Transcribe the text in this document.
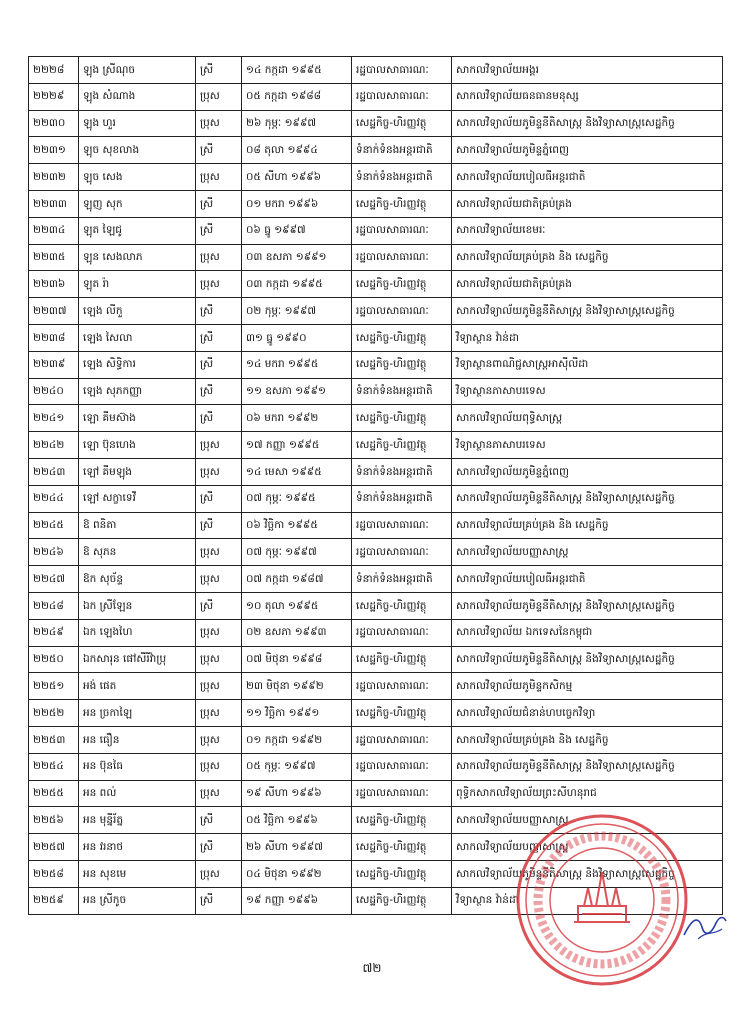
២២២៨	ឡុង ស្រីណុច	ស្រី	១៤ កក្កដា ១៩៩៥	រដ្ឋបាលសាធារណៈ	សាកលវិទ្យាល័យអង្គរ
២២២៩	ឡុង សំណាង	ប្រុស	០៥ កក្កដា ១៩៨៨	រដ្ឋបាលសាធារណៈ	សាកលវិទ្យាល័យធនធានមនុស្ស
២២៣០	ឡុង ហួរ	ប្រុស	២៦ កុម្ភៈ ១៩៩៧	សេដ្ឋកិច្ច-ហិរញ្ញវត្ថុ	សាកលវិទ្យាល័យភូមិន្ទនីតិសាស្ត្រ និងវិទ្យាសាស្ត្រសេដ្ឋកិច្ច
២២៣១	ឡុច សុខលាង	ស្រី	០៨ តុលា ១៩៩៤	ទំនាក់ទំនងអន្តរជាតិ	សាកលវិទ្យាល័យភូមិន្ទភ្នំពេញ
២២៣២	ឡុច សេង	ប្រុស	០៥ សីហា ១៩៩៦	ទំនាក់ទំនងអន្តរជាតិ	សាកលវិទ្យាល័យបៀលធីអន្តរជាតិ
២២៣៣	ឡុញ សុក	ស្រី	០១ មករា ១៩៩៦	សេដ្ឋកិច្ច-ហិរញ្ញវត្ថុ	សាកលវិទ្យាល័យជាតិគ្រប់គ្រង
២២៣៤	ឡុត ឡៃជូ	ស្រី	០៦ ធ្នូ ១៩៩៧	រដ្ឋបាលសាធារណៈ	សាកលវិទ្យាល័យខេមរៈ
២២៣៥	ឡុន សេងលាភ	ប្រុស	០៣ ឧសភា ១៩៩១	រដ្ឋបាលសាធារណៈ	សាកលវិទ្យាល័យគ្រប់គ្រង និង សេដ្ឋកិច្ច
២២៣៦	ឡុត រ៉ា	ប្រុស	០៣ កក្កដា ១៩៩៥	សេដ្ឋកិច្ច-ហិរញ្ញវត្ថុ	សាកលវិទ្យាល័យជាតិគ្រប់គ្រង
២២៣៧	ឡេង លីកួ	ស្រី	០២ កុម្ភៈ ១៩៩៧	រដ្ឋបាលសាធារណៈ	សាកលវិទ្យាល័យភូមិន្ទនីតិសាស្ត្រ និងវិទ្យាសាស្ត្រសេដ្ឋកិច្ច
២២៣៨	ឡេង សៃលា	ស្រី	៣១ ធ្នូ ១៩៩០	សេដ្ឋកិច្ច-ហិរញ្ញវត្ថុ	វិទ្យាស្ថាន វ៉ាន់ដា
២២៣៩	ឡេង សិទ្ធិការ	ស្រី	១៤ មករា ១៩៩៥	សេដ្ឋកិច្ច-ហិរញ្ញវត្ថុ	វិទ្យាស្ថានពាណិជ្ជសាស្ត្រអាស៊ីលីដា
២២៤០	ឡេង សុភកញ្ញា	ស្រី	១១ ឧសភា ១៩៩១	ទំនាក់ទំនងអន្តរជាតិ	វិទ្យាស្ថានភាសាបរទេស
២២៤១	ឡោ គីមស៊ាង	ស្រី	០៦ មករា ១៩៩២	សេដ្ឋកិច្ច-ហិរញ្ញវត្ថុ	សាកលវិទ្យាល័យពុទ្ធិសាស្ត្រ
២២៤២	ឡោ ប៊ុនហេង	ប្រុស	១៧ កញ្ញា ១៩៩៥	សេដ្ឋកិច្ច-ហិរញ្ញវត្ថុ	វិទ្យាស្ថានភាសាបរទេស
២២៤៣	ឡៅ គីមឡុង	ប្រុស	១៤ មេសា ១៩៩៥	ទំនាក់ទំនងអន្តរជាតិ	សាកលវិទ្យាល័យភូមិន្ទភ្នំពេញ
២២៤៤	ឡៅ សក្ខាទេវី	ស្រី	០៧ កុម្ភៈ ១៩៩៥	ទំនាក់ទំនងអន្តរជាតិ	សាកលវិទ្យាល័យភូមិន្ទនីតិសាស្ត្រ និងវិទ្យាសាស្ត្រសេដ្ឋកិច្ច
២២៤៥	ឱ ពនិតា	ស្រី	០៦ វិច្ឆិកា ១៩៩៥	រដ្ឋបាលសាធារណៈ	សាកលវិទ្យាល័យគ្រប់គ្រង និង សេដ្ឋកិច្ច
២២៤៦	ឱ សុភន	ប្រុស	០៧ កុម្ភៈ ១៩៩៧	រដ្ឋបាលសាធារណៈ	សាកលវិទ្យាល័យបញ្ញាសាស្ត្រ
២២៤៧	ឱក សុច័ន្ទ	ប្រុស	០៧ កក្កដា ១៩៨៧	ទំនាក់ទំនងអន្តរជាតិ	សាកលវិទ្យាល័យបៀលធីអន្តរជាតិ
២២៤៨	ឯក ស្រីឡែន	ស្រី	១០ តុលា ១៩៩៥	សេដ្ឋកិច្ច-ហិរញ្ញវត្ថុ	សាកលវិទ្យាល័យភូមិន្ទនីតិសាស្ត្រ និងវិទ្យាសាស្ត្រសេដ្ឋកិច្ច
២២៤៩	ឯក ឡេងហៃ	ប្រុស	០២ ឧសភា ១៩៩៣	រដ្ឋបាលសាធារណៈ	សាកលវិទ្យាល័យ ឯកទេសនៃកម្ពុជា
២២៥០	ឯកសារុន ផៅសីរីវ៉ាប្រុ	ប្រុស	០៧ មិថុនា ១៩៩៨	សេដ្ឋកិច្ច-ហិរញ្ញវត្ថុ	សាកលវិទ្យាល័យភូមិន្ទនីតិសាស្ត្រ និងវិទ្យាសាស្ត្រសេដ្ឋកិច្ច
២២៥១	អង់ ផេត	ប្រុស	២៣ មិថុនា ១៩៩២	រដ្ឋបាលសាធារណៈ	សាកលវិទ្យាល័យភូមិន្ទកសិកម្ម
២២៥២	អន ច្រកាឡៃ	ប្រុស	១១ វិច្ឆិកា ១៩៩១	សេដ្ឋកិច្ច-ហិរញ្ញវត្ថុ	សាកលវិទ្យាល័យជំនាន់ហបច្ចេកវិទ្យា
២២៥៣	អន ធឿន	ប្រុស	០១ កក្កដា ១៩៩២	រដ្ឋបាលសាធារណៈ	សាកលវិទ្យាល័យគ្រប់គ្រង និង សេដ្ឋកិច្ច
២២៥៤	អន ប៊ុនធៃ	ប្រុស	០៥ កុម្ភៈ ១៩៩៧	រដ្ឋបាលសាធារណៈ	សាកលវិទ្យាល័យភូមិន្ទនីតិសាស្ត្រ និងវិទ្យាសាស្ត្រសេដ្ឋកិច្ច
២២៥៥	អន ពល់	ប្រុស	១៩ សីហា ១៩៩៦	រដ្ឋបាលសាធារណៈ	ពុទ្ធិកសាកលវិទ្យាល័យព្រះសីហនុរាជ
២២៥៦	អន មុន្នីរ័ត្ន	ស្រី	០៥ វិច្ឆិកា ១៩៩៦	សេដ្ឋកិច្ច-ហិរញ្ញវត្ថុ	សាកលវិទ្យាល័យបញ្ញាសាស្ត្រ
២២៥៧	អន វរនាថ	ស្រី	២៦ សីហា ១៩៩៧	សេដ្ឋកិច្ច-ហិរញ្ញវត្ថុ	សាកលវិទ្យាល័យបញ្ញាសាស្ត្រ
២២៥៨	អន សុខមេ	ប្រុស	០៤ មិថុនា ១៩៩២	សេដ្ឋកិច្ច-ហិរញ្ញវត្ថុ	សាកលវិទ្យាល័យភូមិន្ទនីតិសាស្ត្រ និងវិទ្យាសាស្ត្រសេដ្ឋកិច្ច
២២៥៩	អន ស្រីកូច	ស្រី	១៩ កញ្ញា ១៩៩៦	សេដ្ឋកិច្ច-ហិរញ្ញវត្ថុ	វិទ្យាស្ថាន វ៉ាន់ដា
៧២
